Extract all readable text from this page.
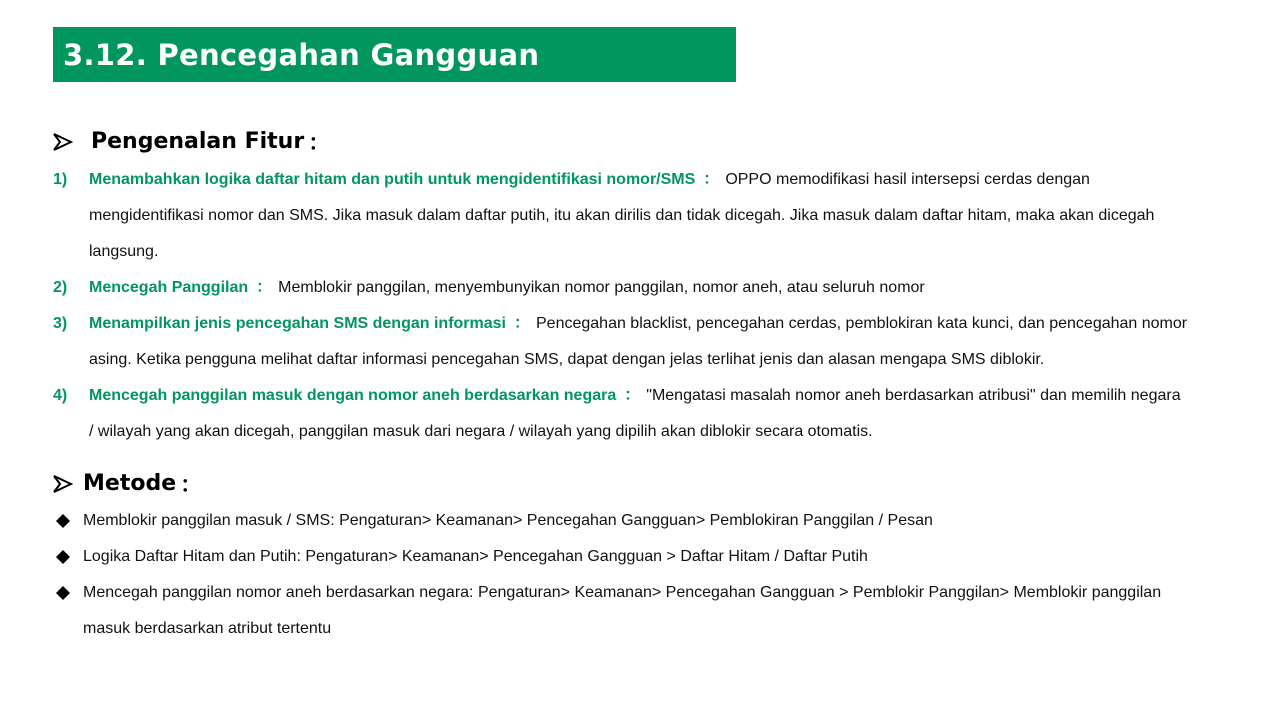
3.12. Pencegahan Gangguan
Pengenalan Fitur ：
1) Menambahkan logika daftar hitam dan putih untuk mengidentifikasi nomor/SMS ： OPPO memodifikasi hasil intersepsi cerdas dengan
mengidentifikasi nomor dan SMS. Jika masuk dalam daftar putih, itu akan dirilis dan tidak dicegah. Jika masuk dalam daftar hitam, maka akan dicegah
langsung.
2) Mencegah Panggilan ： Memblokir panggilan, menyembunyikan nomor panggilan, nomor aneh, atau seluruh nomor
3) Menampilkan jenis pencegahan SMS dengan informasi ： Pencegahan blacklist, pencegahan cerdas, pemblokiran kata kunci, dan pencegahan nomor
asing. Ketika pengguna melihat daftar informasi pencegahan SMS, dapat dengan jelas terlihat jenis dan alasan mengapa SMS diblokir.
4) Mencegah panggilan masuk dengan nomor aneh berdasarkan negara ： "Mengatasi masalah nomor aneh berdasarkan atribusi" dan memilih negara
/ wilayah yang akan dicegah, panggilan masuk dari negara / wilayah yang dipilih akan diblokir secara otomatis.
Metode ：
Memblokir panggilan masuk / SMS: Pengaturan> Keamanan> Pencegahan Gangguan> Pemblokiran Panggilan / Pesan
Logika Daftar Hitam dan Putih: Pengaturan> Keamanan> Pencegahan Gangguan > Daftar Hitam / Daftar Putih
Mencegah panggilan nomor aneh berdasarkan negara: Pengaturan> Keamanan> Pencegahan Gangguan > Pemblokir Panggilan> Memblokir panggilan
masuk berdasarkan atribut tertentu
